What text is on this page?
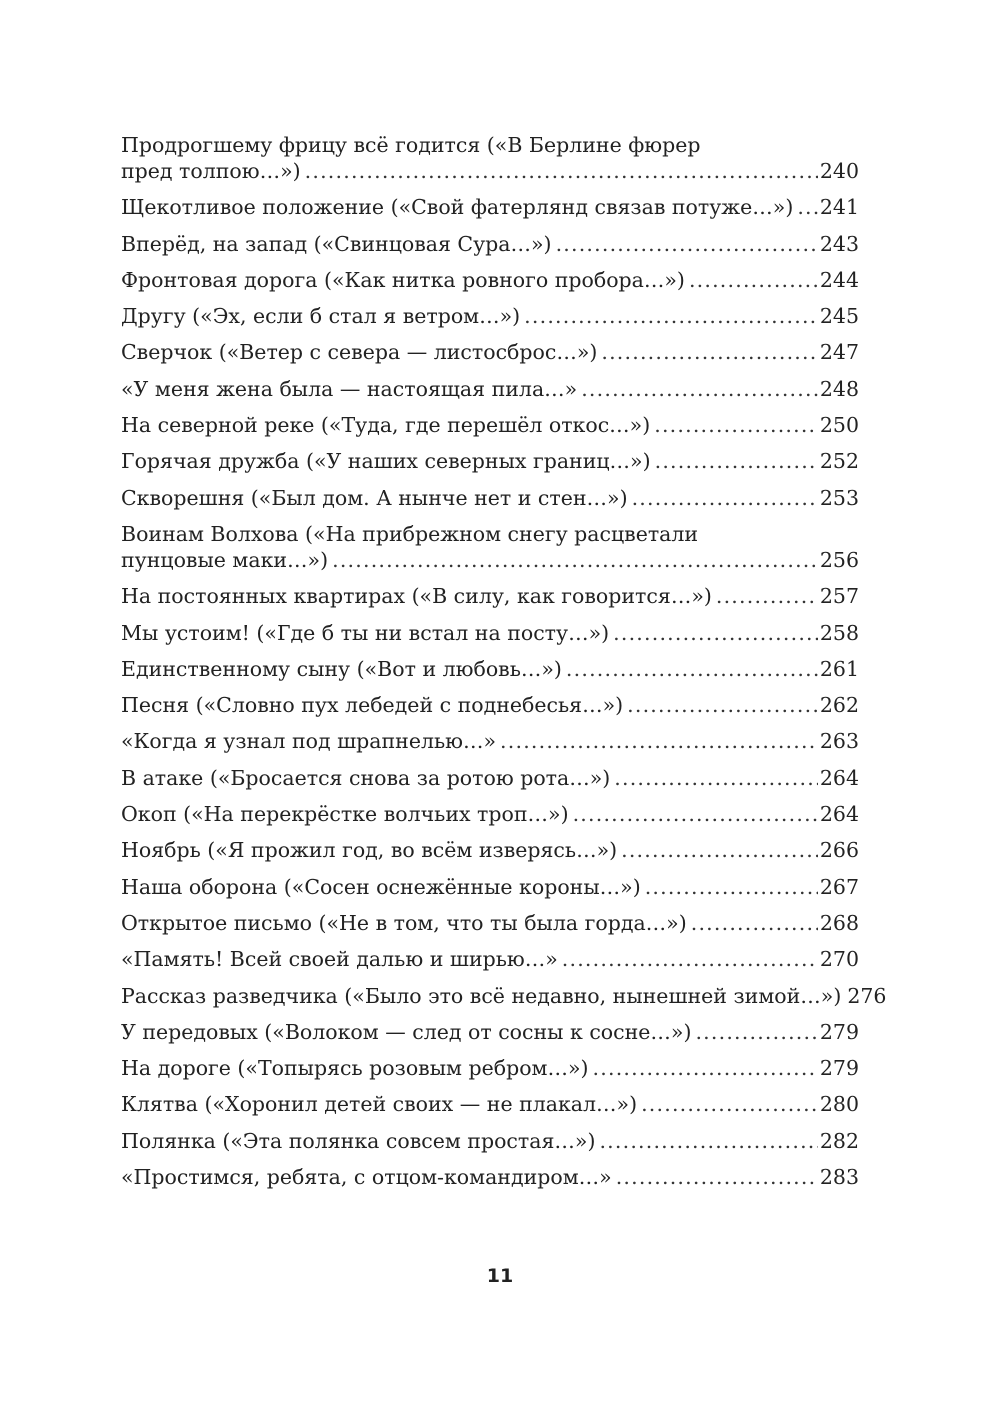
Продрогшему фрицу всё годится («В Берлине фюрер
пред толпою…») .....	240
Щекотливое положение («Свой фатерлянд связав потуже…») ..... 241
Вперёд, на запад («Свинцовая Сура…») .....	243
Фронтовая дорога («Как нитка ровного пробора…») .....	244
Другу («Эх, если б стал я ветром…») .....	245
Сверчок («Ветер с севера — листосброс…») .....	247
«У меня жена была — настоящая пила…» .....	248
На северной реке («Туда, где перешёл откос…») .....	250
Горячая дружба («У наших северных границ…») .....	252
Скворешня («Был дом. А нынче нет и стен…») .....	253
Воинам Волхова («На прибрежном снегу расцветали
пунцовые маки…») .....	256
На постоянных квартирах («В силу, как говорится…») .....	257
Мы устоим! («Где б ты ни встал на посту…») .....	258
Единственному сыну («Вот и любовь…») .....	261
Песня («Словно пух лебедей с поднебесья…») .....	262
«Когда я узнал под шрапнелью…» .....	263
В атаке («Бросается снова за ротою рота…») .....	264
Окоп («На перекрёстке волчьих троп…») .....	264
Ноябрь («Я прожил год, во всём изверясь…») .....	266
Наша оборона («Сосен оснежённые короны…») .....	267
Открытое письмо («Не в том, что ты была горда…») .....	268
«Память! Всей своей далью и ширью…» .....	270
Рассказ разведчика («Было это всё недавно, нынешней зимой…») 276
У передовых («Волоком — след от сосны к сосне…») .....	279
На дороге («Топырясь розовым ребром…») .....	279
Клятва («Хоронил детей своих — не плакал…») .....	280
Полянка («Эта полянка совсем простая…») .....	282
«Простимся, ребята, с отцом-командиром…» .....	283
11
